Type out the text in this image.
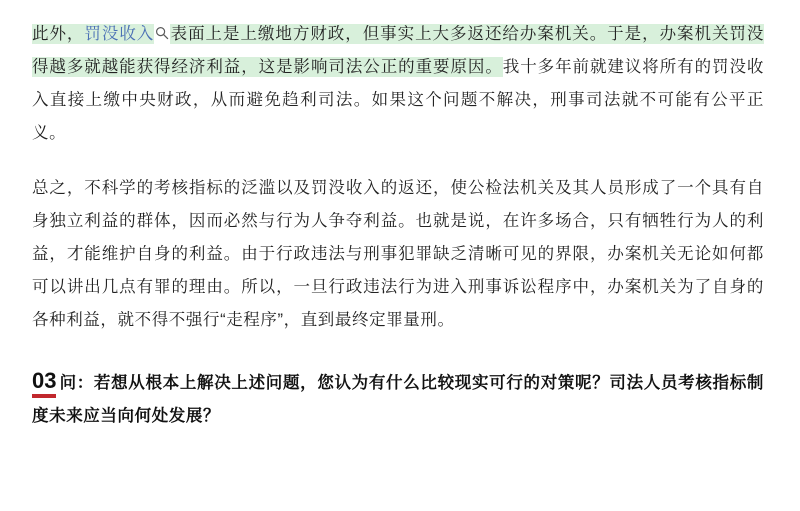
此外，罚没收入 表面上是上缴地方财政，但事实上大多返还给办案机关。于是，办案机关罚没得越多就越能获得经济利益，这是影响司法公正的重要原因。我十多年前就建议将所有的罚没收入直接上缴中央财政，从而避免趋利司法。如果这个问题不解决，刑事司法就不可能有公平正义。

总之，不科学的考核指标的泛滥以及罚没收入的返还，使公检法机关及其人员形成了一个具有自身独立利益的群体，因而必然与行为人争夺利益。也就是说，在许多场合，只有牺牲行为人的利益，才能维护自身的利益。由于行政违法与刑事犯罪缺乏清晰可见的界限，办案机关无论如何都可以讲出几点有罪的理由。所以，一旦行政违法行为进入刑事诉讼程序中，办案机关为了自身的各种利益，就不得不强行“走程序”，直到最终定罪量刑。

03 问：若想从根本上解决上述问题，您认为有什么比较现实可行的对策呢？司法人员考核指标制度未来应当向何处发展？
